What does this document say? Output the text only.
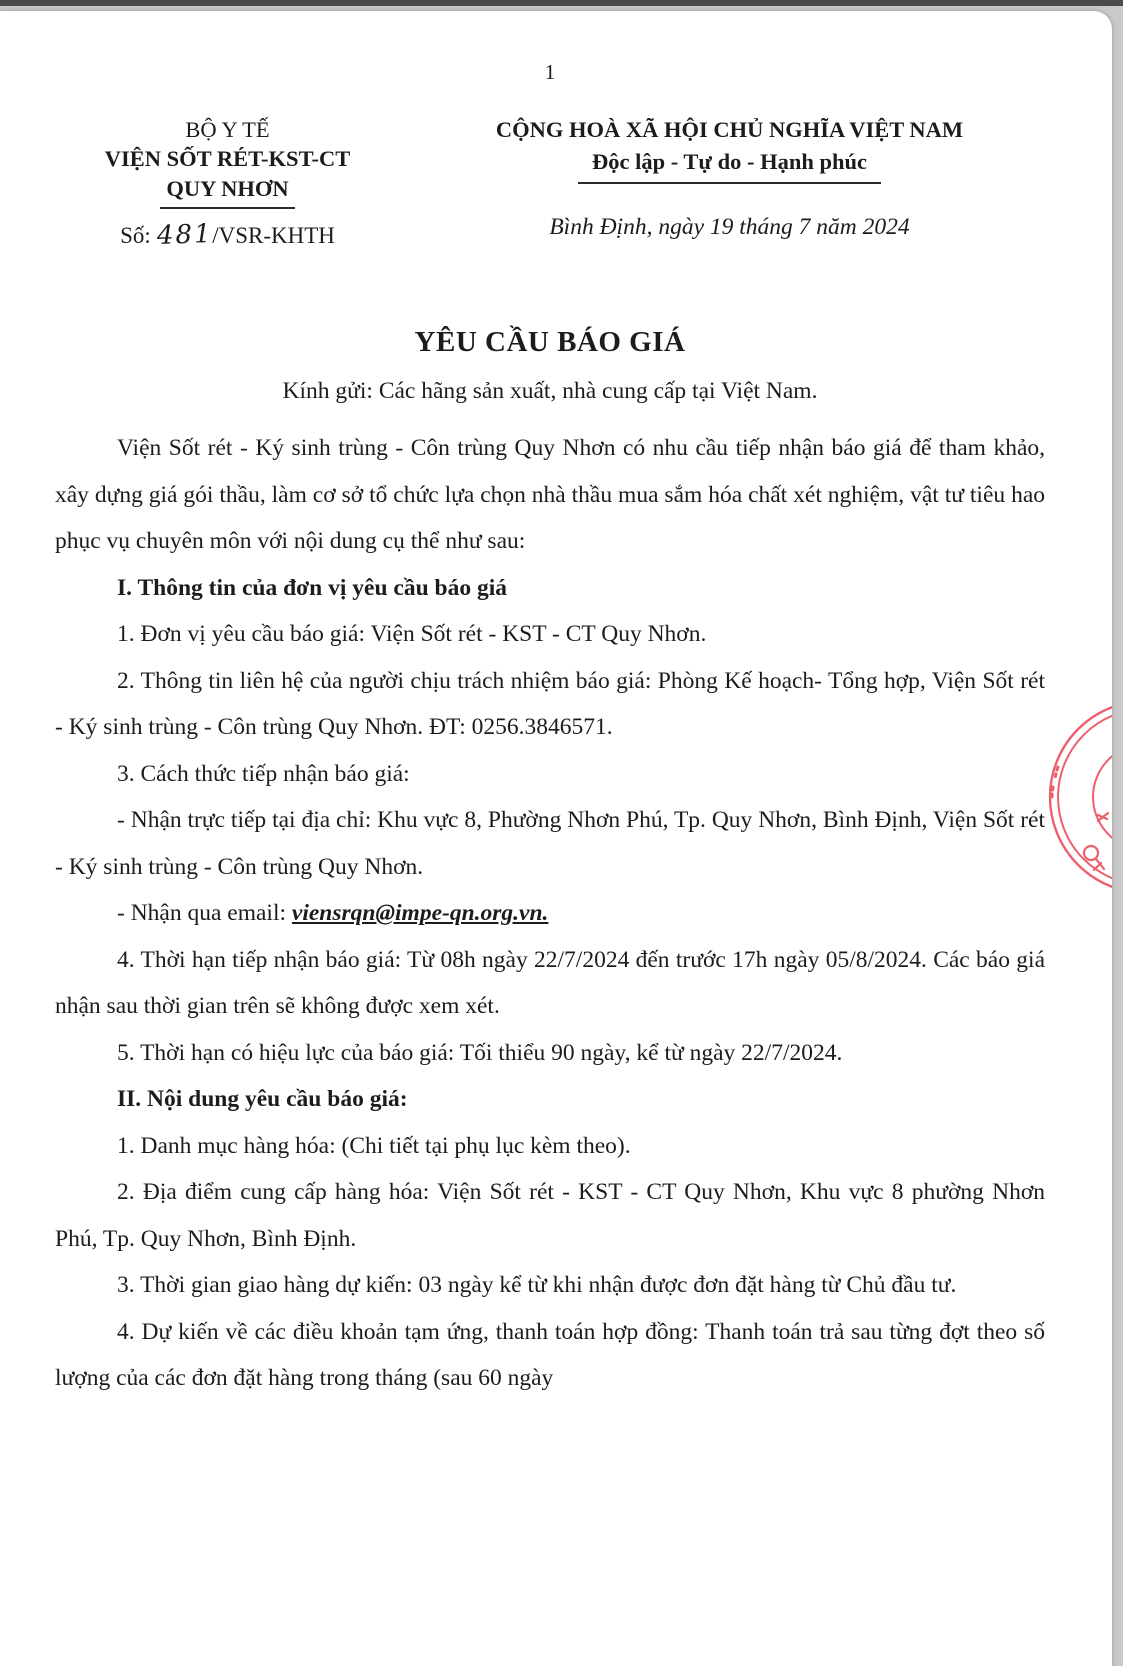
1
BỘ Y TẾ
VIỆN SỐT RÉT-KST-CT
QUY NHƠN
Số: 481/VSR-KHTH
CỘNG HOÀ XÃ HỘI CHỦ NGHĨA VIỆT NAM
Độc lập - Tự do - Hạnh phúc
Bình Định, ngày 19 tháng 7 năm 2024
YÊU CẦU BÁO GIÁ
Kính gửi: Các hãng sản xuất, nhà cung cấp tại Việt Nam.

Viện Sốt rét - Ký sinh trùng - Côn trùng Quy Nhơn có nhu cầu tiếp nhận báo giá để tham khảo, xây dựng giá gói thầu, làm cơ sở tổ chức lựa chọn nhà thầu mua sắm hóa chất xét nghiệm, vật tư tiêu hao phục vụ chuyên môn với nội dung cụ thể như sau:

I. Thông tin của đơn vị yêu cầu báo giá

1. Đơn vị yêu cầu báo giá: Viện Sốt rét - KST - CT Quy Nhơn.

2. Thông tin liên hệ của người chịu trách nhiệm báo giá: Phòng Kế hoạch- Tổng hợp, Viện Sốt rét - Ký sinh trùng - Côn trùng Quy Nhơn. ĐT: 0256.3846571.

3. Cách thức tiếp nhận báo giá:

- Nhận trực tiếp tại địa chỉ: Khu vực 8, Phường Nhơn Phú, Tp. Quy Nhơn, Bình Định, Viện Sốt rét - Ký sinh trùng - Côn trùng Quy Nhơn.

- Nhận qua email: viensrqn@impe-qn.org.vn.

4. Thời hạn tiếp nhận báo giá: Từ 08h ngày 22/7/2024 đến trước 17h ngày 05/8/2024. Các báo giá nhận sau thời gian trên sẽ không được xem xét.

5. Thời hạn có hiệu lực của báo giá: Tối thiểu 90 ngày, kể từ ngày 22/7/2024.

II. Nội dung yêu cầu báo giá:

1. Danh mục hàng hóa: (Chi tiết tại phụ lục kèm theo).

2. Địa điểm cung cấp hàng hóa: Viện Sốt rét - KST - CT Quy Nhơn, Khu vực 8 phường Nhơn Phú, Tp. Quy Nhơn, Bình Định.

3. Thời gian giao hàng dự kiến: 03 ngày kể từ khi nhận được đơn đặt hàng từ Chủ đầu tư.

4. Dự kiến về các điều khoản tạm ứng, thanh toán hợp đồng: Thanh toán trả sau từng đợt theo số lượng của các đơn đặt hàng trong tháng (sau 60 ngày
